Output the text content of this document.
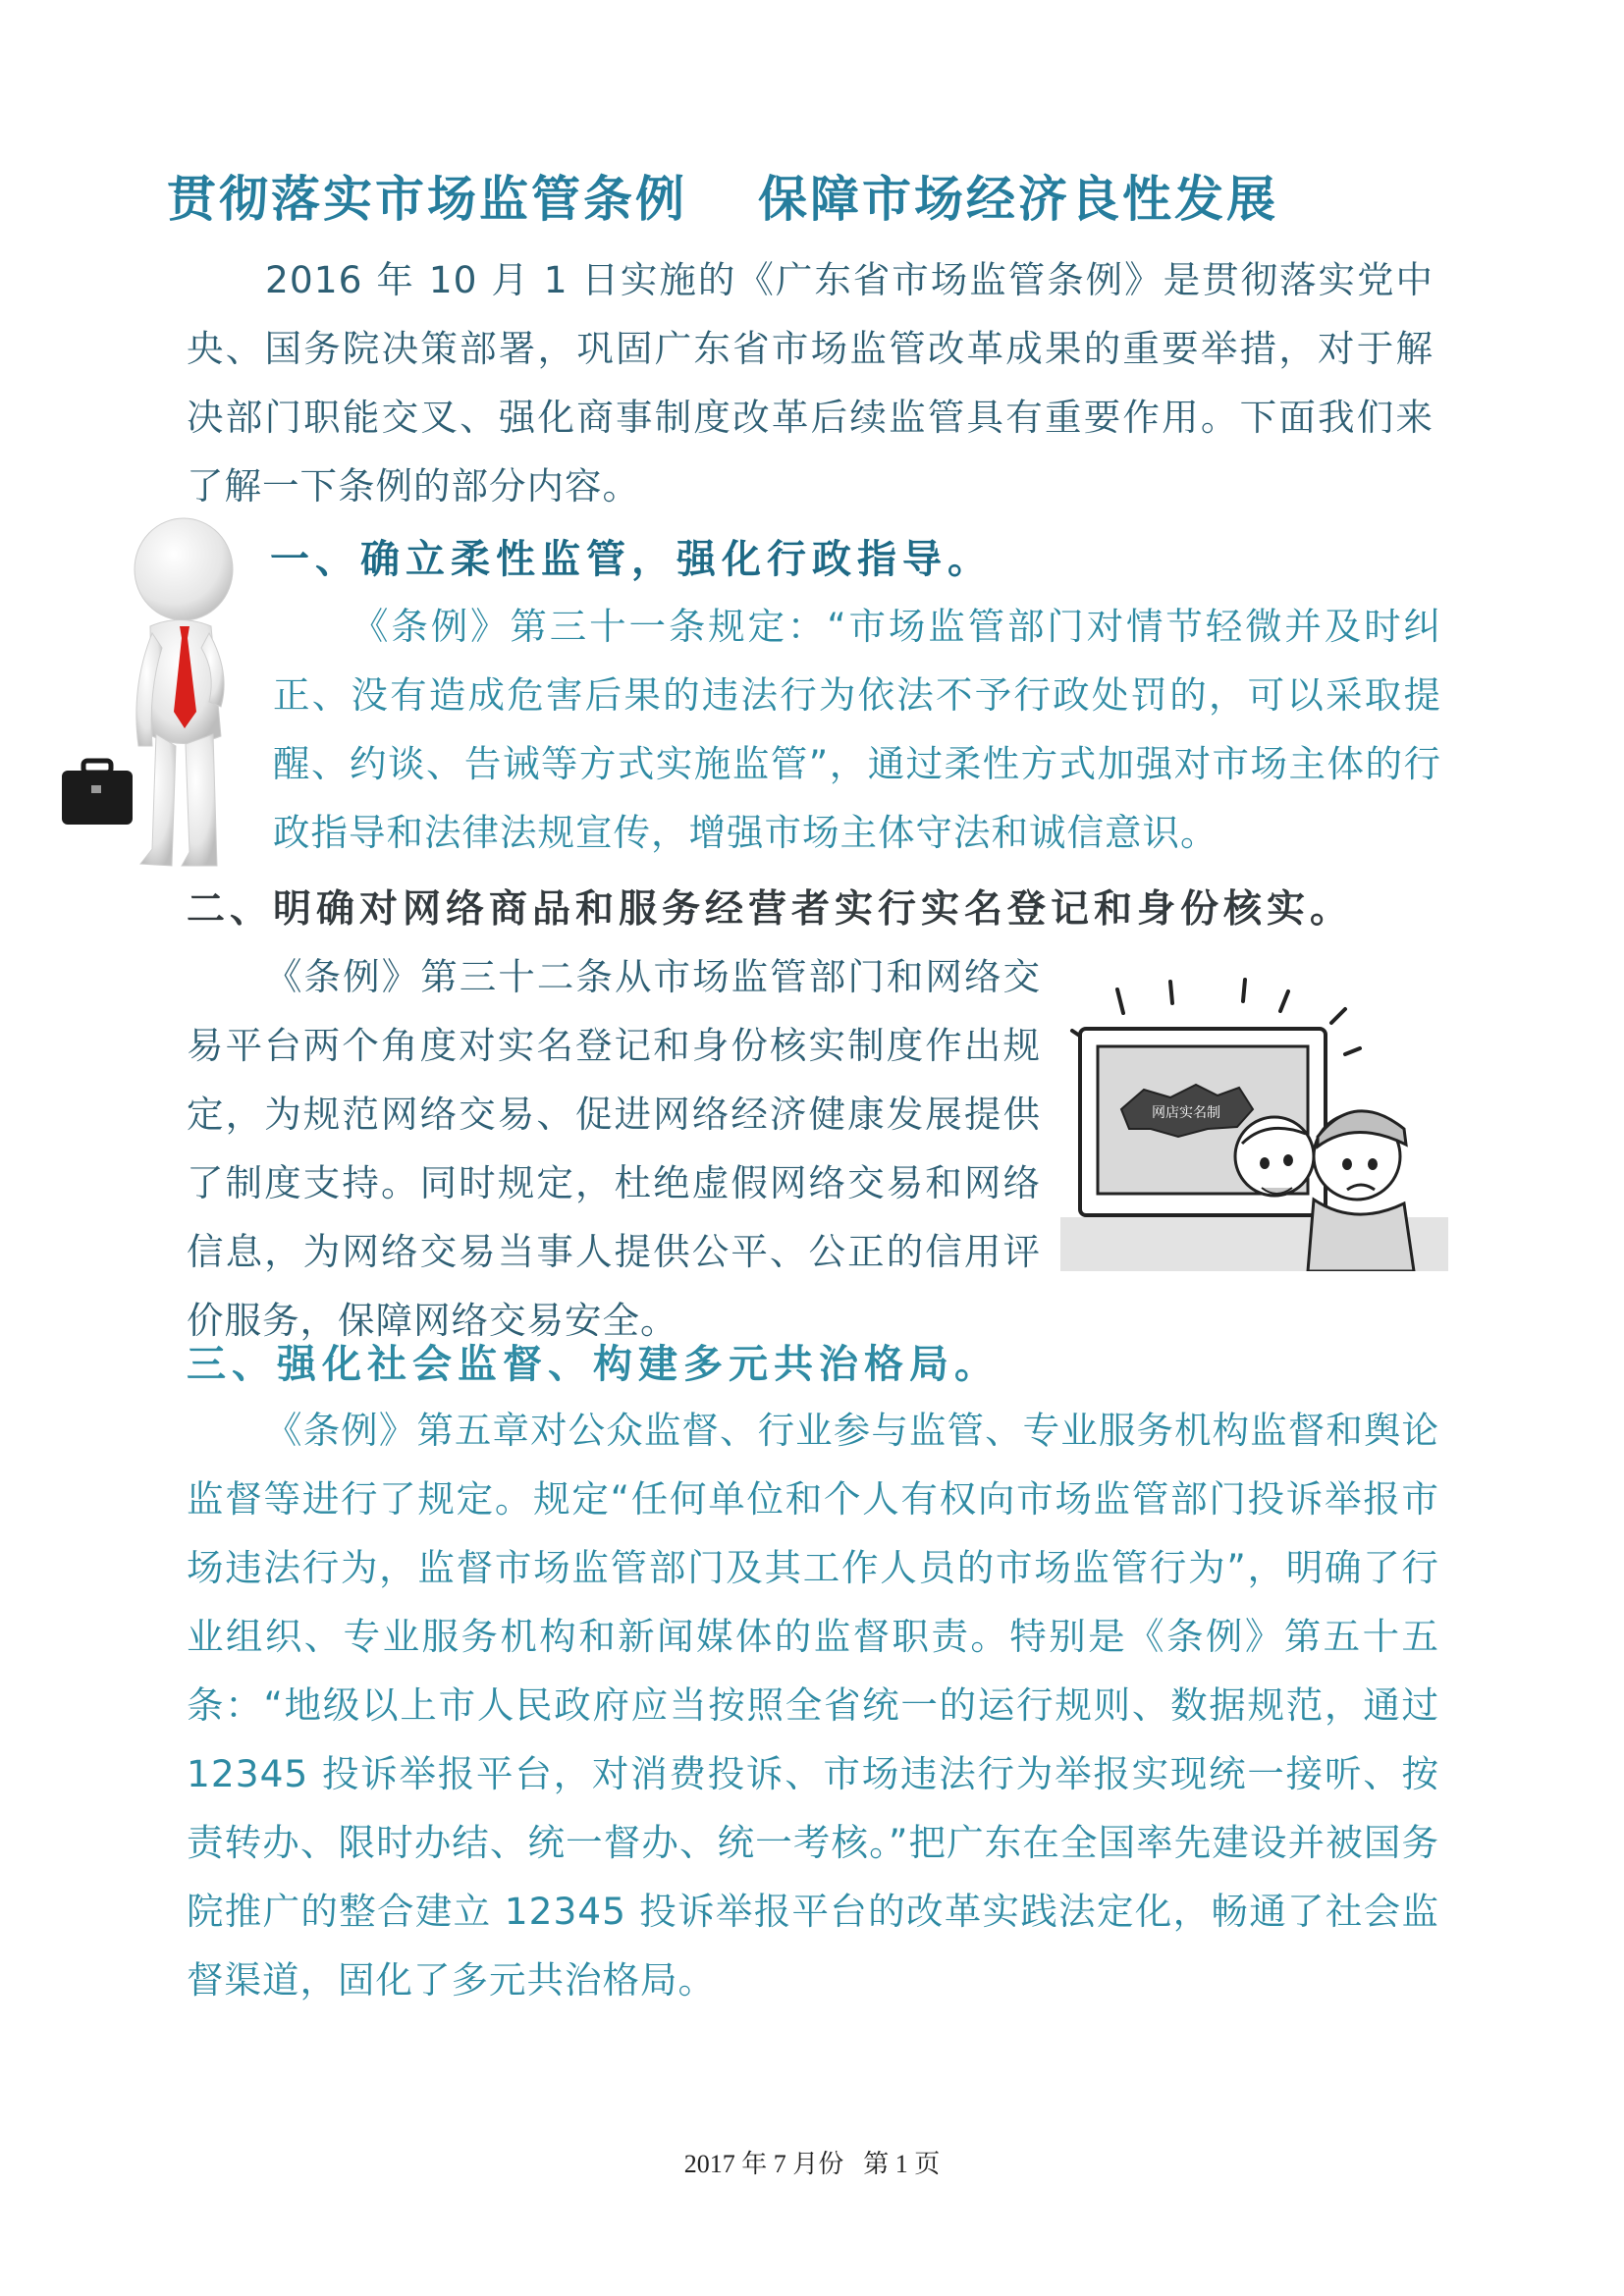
贯彻落实市场监管条例 保障市场经济良性发展

2016 年 10 月 1 日实施的《广东省市场监管条例》是贯彻落实党中央、国务院决策部署，巩固广东省市场监管改革成果的重要举措，对于解决部门职能交叉、强化商事制度改革后续监管具有重要作用。下面我们来了解一下条例的部分内容。

一、确立柔性监管，强化行政指导。

《条例》第三十一条规定：“市场监管部门对情节轻微并及时纠正、没有造成危害后果的违法行为依法不予行政处罚的，可以采取提醒、约谈、告诫等方式实施监管”，通过柔性方式加强对市场主体的行政指导和法律法规宣传，增强市场主体守法和诚信意识。

二、明确对网络商品和服务经营者实行实名登记和身份核实。

《条例》第三十二条从市场监管部门和网络交易平台两个角度对实名登记和身份核实制度作出规定，为规范网络交易、促进网络经济健康发展提供了制度支持。同时规定，杜绝虚假网络交易和网络信息，为网络交易当事人提供公平、公正的信用评价服务，保障网络交易安全。

网店实名制
三、强化社会监督、构建多元共治格局。

《条例》第五章对公众监督、行业参与监管、专业服务机构监督和舆论监督等进行了规定。规定“任何单位和个人有权向市场监管部门投诉举报市场违法行为，监督市场监管部门及其工作人员的市场监管行为”，明确了行业组织、专业服务机构和新闻媒体的监督职责。特别是《条例》第五十五条：“地级以上市人民政府应当按照全省统一的运行规则、数据规范，通过 12345 投诉举报平台，对消费投诉、市场违法行为举报实现统一接听、按责转办、限时办结、统一督办、统一考核。”把广东在全国率先建设并被国务院推广的整合建立 12345 投诉举报平台的改革实践法定化，畅通了社会监督渠道，固化了多元共治格局。

2017 年 7 月份 第 1 页
